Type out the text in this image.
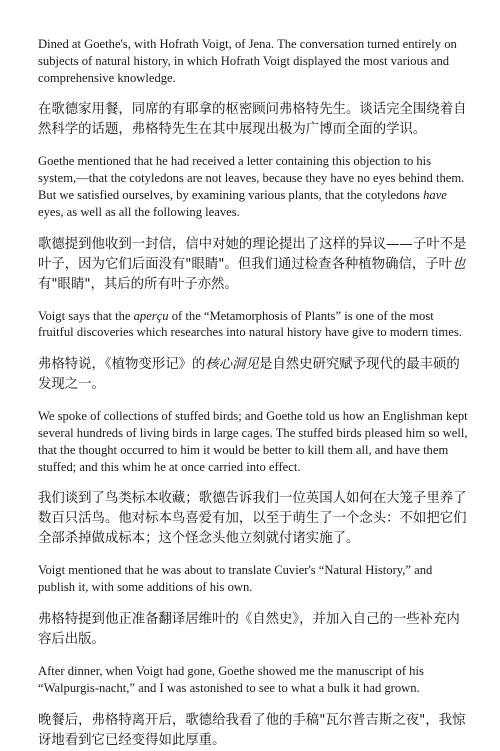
Dined at Goethe's, with Hofrath Voigt, of Jena. The conversation turned entirely on subjects of natural history, in which Hofrath Voigt displayed the most various and comprehensive knowledge.

在歌德家用餐，同席的有耶拿的枢密顾问弗格特先生。谈话完全围绕着自然科学的话题，弗格特先生在其中展现出极为广博而全面的学识。

Goethe mentioned that he had received a letter containing this objection to his system,—that the cotyledons are not leaves, because they have no eyes behind them. But we satisfied ourselves, by examining various plants, that the cotyledons have eyes, as well as all the following leaves.

歌德提到他收到一封信，信中对她的理论提出了这样的异议——子叶不是叶子，因为它们后面没有"眼睛"。但我们通过检查各种植物确信，子叶也有"眼睛"，其后的所有叶子亦然。

Voigt says that the aperçu of the “Metamorphosis of Plants” is one of the most fruitful discoveries which researches into natural history have give to modern times.

弗格特说，《植物变形记》的核心洞见是自然史研究赋予现代的最丰硕的发现之一。

We spoke of collections of stuffed birds; and Goethe told us how an Englishman kept several hundreds of living birds in large cages. The stuffed birds pleased him so well, that the thought occurred to him it would be better to kill them all, and have them stuffed; and this whim he at once carried into effect.

我们谈到了鸟类标本收藏；歌德告诉我们一位英国人如何在大笼子里养了数百只活鸟。他对标本鸟喜爱有加，以至于萌生了一个念头：不如把它们全部杀掉做成标本；这个怪念头他立刻就付诸实施了。

Voigt mentioned that he was about to translate Cuvier's “Natural History,” and publish it, with some additions of his own.

弗格特提到他正准备翻译居维叶的《自然史》，并加入自己的一些补充内容后出版。

After dinner, when Voigt had gone, Goethe showed me the manuscript of his “Walpurgis-nacht,” and I was astonished to see to what a bulk it had grown.

晚餐后，弗格特离开后，歌德给我看了他的手稿"瓦尔普吉斯之夜"，我惊讶地看到它已经变得如此厚重。
